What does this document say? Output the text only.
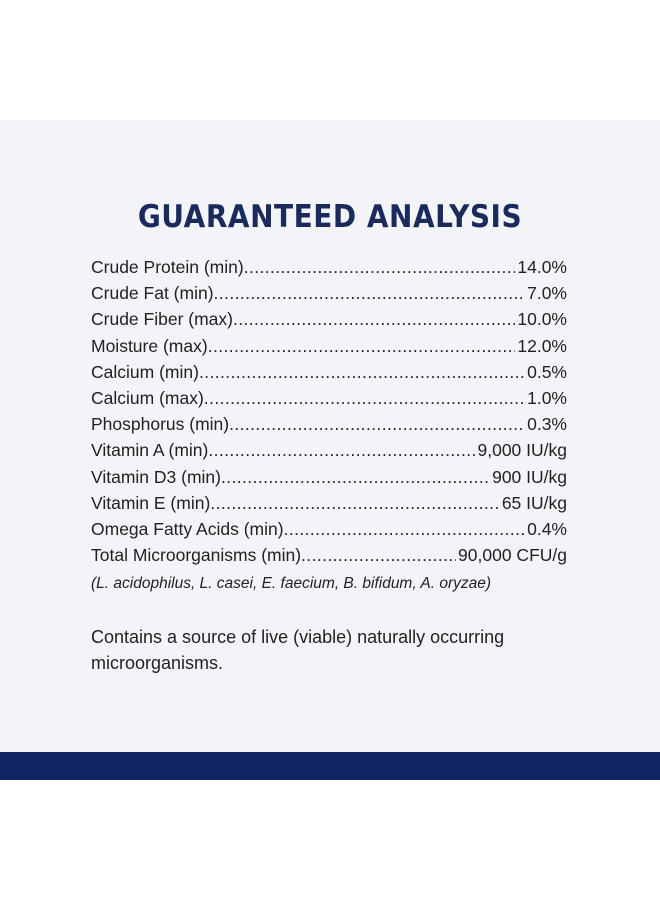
GUARANTEED ANALYSIS
Crude Protein (min) .....	14.0%
Crude Fat (min) .....	7.0%
Crude Fiber (max) .....	10.0%
Moisture (max) .....	12.0%
Calcium (min) .....	0.5%
Calcium (max) .....	1.0%
Phosphorus (min) .....	0.3%
Vitamin A (min) .....	9,000 IU/kg
Vitamin D3 (min) .....	900 IU/kg
Vitamin E (min) .....	65 IU/kg
Omega Fatty Acids (min) .....	0.4%
Total Microorganisms (min) .....	90,000 CFU/g
(L. acidophilus, L. casei, E. faecium, B. bifidum, A. oryzae)
Contains a source of live (viable) naturally occurring microorganisms.
